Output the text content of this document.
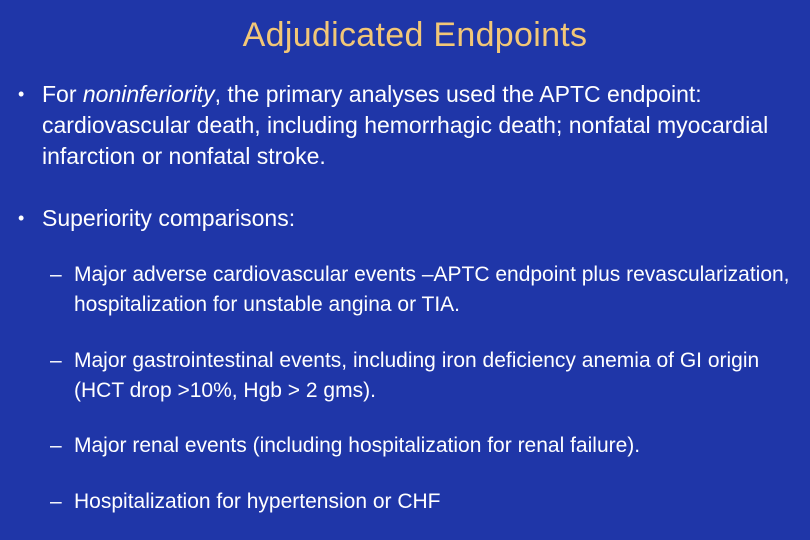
Adjudicated Endpoints
• For noninferiority, the primary analyses used the APTC endpoint: cardiovascular death, including hemorrhagic death; nonfatal myocardial infarction or nonfatal stroke.
• Superiority comparisons:
– Major adverse cardiovascular events –APTC endpoint plus revascularization, hospitalization for unstable angina or TIA.
– Major gastrointestinal events, including iron deficiency anemia of GI origin (HCT drop >10%, Hgb > 2 gms).
– Major renal events (including hospitalization for renal failure).
– Hospitalization for hypertension or CHF
